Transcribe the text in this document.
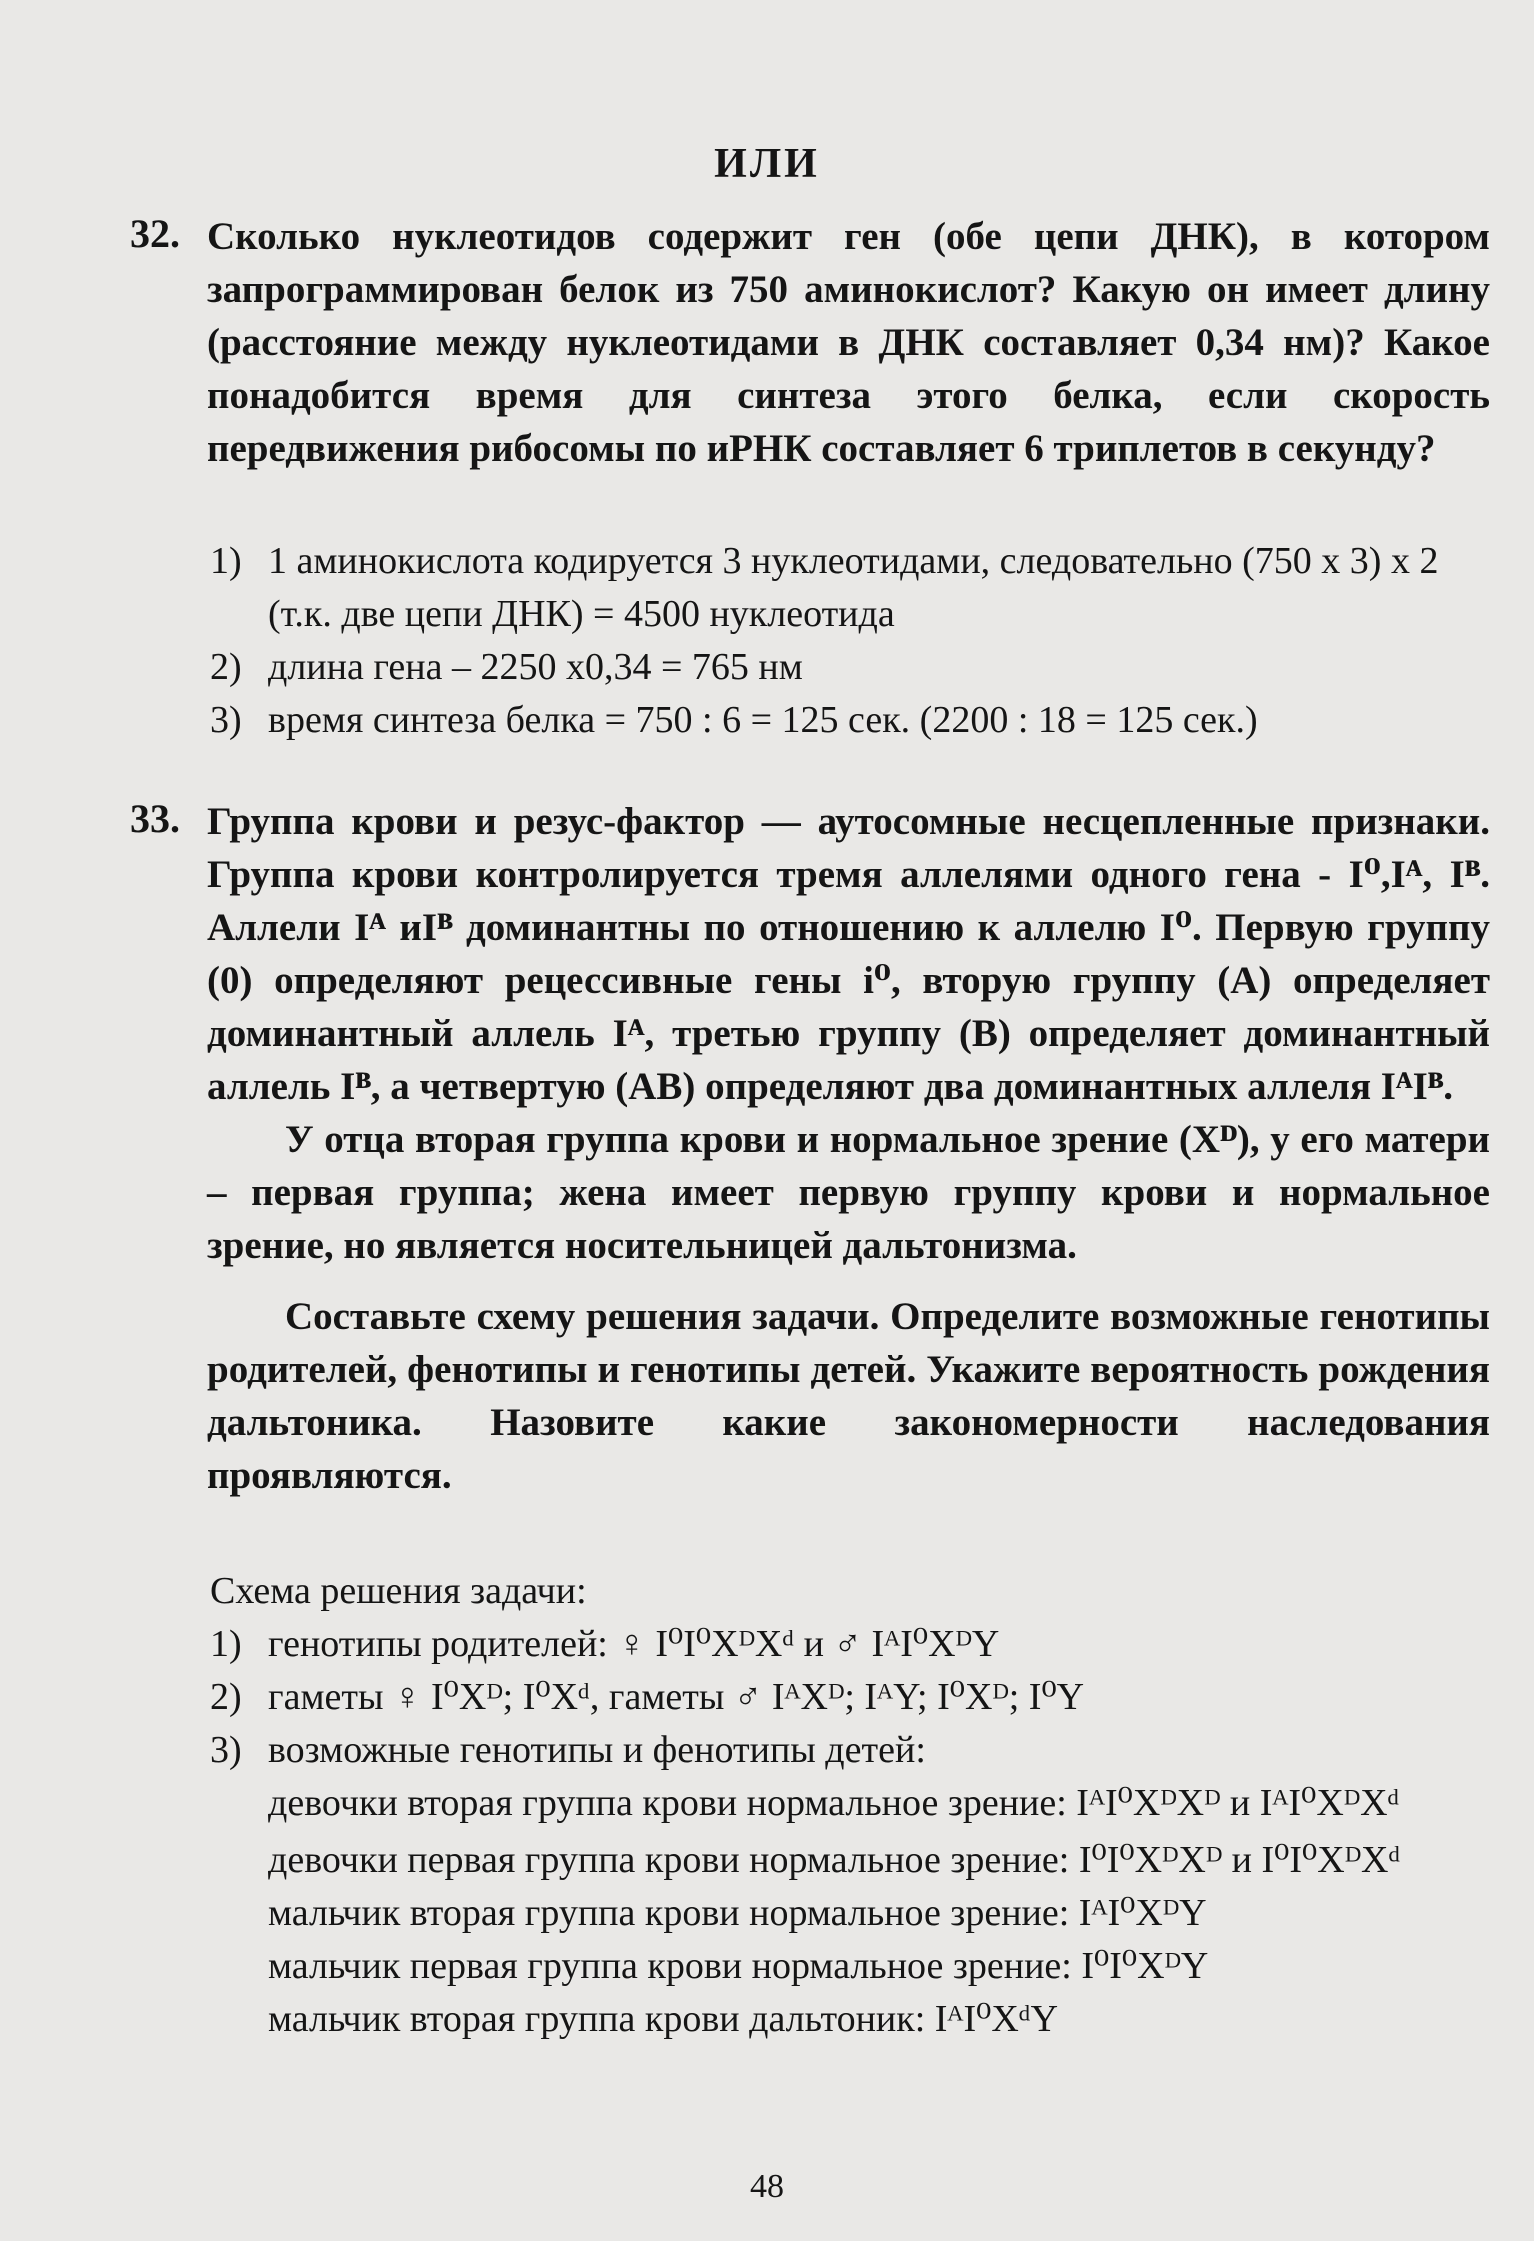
ИЛИ
32. Сколько нуклеотидов содержит ген (обе цепи ДНК), в котором запрограммирован белок из 750 аминокислот? Какую он имеет длину (расстояние между нуклеотидами в ДНК составляет 0,34 нм)? Какое понадобится время для синтеза этого белка, если скорость передвижения рибосомы по иРНК составляет 6 триплетов в секунду?

1) 1 аминокислота кодируется 3 нуклеотидами, следовательно (750 х 3) х 2 (т.к. две цепи ДНК) = 4500 нуклеотида
2) длина гена – 2250 х0,34 = 765 нм
3) время синтеза белка = 750 : 6 = 125 сек. (2200 : 18 = 125 сек.)
33. Группа крови и резус-фактор — аутосомные несцепленные признаки. Группа крови контролируется тремя аллелями одного гена - I⁰,Iᴬ, Iᴮ. Аллели Iᴬ иIᴮ доминантны по отношению к аллелю I⁰. Первую группу (0) определяют рецессивные гены i⁰, вторую группу (А) определяет доминантный аллель Iᴬ, третью группу (В) определяет доминантный аллель Iᴮ, а четвертую (АВ) определяют два доминантных аллеля IᴬIᴮ.

У отца вторая группа крови и нормальное зрение (Xᴰ), у его матери – первая группа; жена имеет первую группу крови и нормальное зрение, но является носительницей дальтонизма.

Составьте схему решения задачи. Определите возможные генотипы родителей, фенотипы и генотипы детей. Укажите вероятность рождения дальтоника. Назовите какие закономерности наследования проявляются.

Схема решения задачи:
1) генотипы родителей: ♀ I⁰I⁰XᴰXᵈ и ♂ IᴬI⁰XᴰY
2) гаметы ♀ I⁰Xᴰ; I⁰Xᵈ, гаметы ♂ IᴬXᴰ; IᴬY; I⁰Xᴰ; I⁰Y
3) возможные генотипы и фенотипы детей:
девочки вторая группа крови нормальное зрение: IᴬI⁰XᴰXᴰ и IᴬI⁰XᴰXᵈ
девочки первая группа крови нормальное зрение: I⁰I⁰XᴰXᴰ и I⁰I⁰XᴰXᵈ
мальчик вторая группа крови нормальное зрение: IᴬI⁰XᴰY
мальчик первая группа крови нормальное зрение: I⁰I⁰XᴰY
мальчик вторая группа крови дальтоник: IᴬI⁰XᵈY
48
